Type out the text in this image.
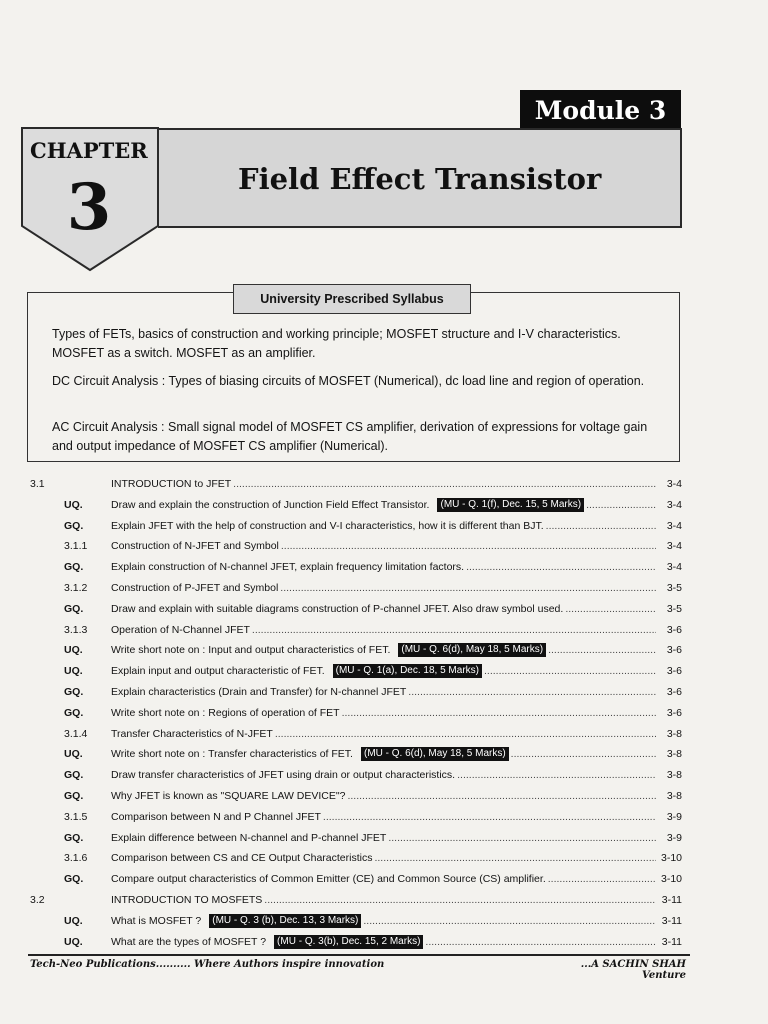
Module 3
CHAPTER
3	Field Effect Transistor
University Prescribed Syllabus

Types of FETs, basics of construction and working principle; MOSFET structure and I-V characteristics. MOSFET as a switch. MOSFET as an amplifier.

DC Circuit Analysis : Types of biasing circuits of MOSFET (Numerical), dc load line and region of operation.

AC Circuit Analysis : Small signal model of MOSFET CS amplifier, derivation of expressions for voltage gain and output impedance of MOSFET CS amplifier (Numerical).

3.1	INTRODUCTION to JFET .....	3-4
UQ.	Draw and explain the construction of Junction Field Effect Transistor.	(MU - Q. 1(f), Dec. 15, 5 Marks) .....	3-4
GQ.	Explain JFET with the help of construction and V-I characteristics, how it is different than BJT. .....	3-4
3.1.1	Construction of N-JFET and Symbol .....	3-4
GQ.	Explain construction of N-channel JFET, explain frequency limitation factors. .....	3-4
3.1.2	Construction of P-JFET and Symbol .....	3-5
GQ.	Draw and explain with suitable diagrams construction of P-channel JFET. Also draw symbol used. .....	3-5
3.1.3	Operation of N-Channel JFET .....	3-6
UQ.	Write short note on : Input and output characteristics of FET.	(MU - Q. 6(d), May 18, 5 Marks) .....	3-6
UQ.	Explain input and output characteristic of FET.	(MU - Q. 1(a), Dec. 18, 5 Marks) .....	3-6
GQ.	Explain characteristics (Drain and Transfer) for N-channel JFET .....	3-6
GQ.	Write short note on : Regions of operation of FET .....	3-6
3.1.4	Transfer Characteristics of N-JFET .....	3-8
UQ.	Write short note on : Transfer characteristics of FET.	(MU - Q. 6(d), May 18, 5 Marks) .....	3-8
GQ.	Draw transfer characteristics of JFET using drain or output characteristics. .....	3-8
GQ.	Why JFET is known as "SQUARE LAW DEVICE"? .....	3-8
3.1.5	Comparison between N and P Channel JFET .....	3-9
GQ.	Explain difference between N-channel and P-channel JFET .....	3-9
3.1.6	Comparison between CS and CE Output Characteristics .....	3-10
GQ.	Compare output characteristics of Common Emitter (CE) and Common Source (CS) amplifier. .....	3-10
3.2	INTRODUCTION TO MOSFETS .....	3-11
UQ.	What is MOSFET ?	(MU - Q. 3 (b), Dec. 13, 3 Marks) .....	3-11
UQ.	What are the types of MOSFET ?	(MU - Q. 3(b), Dec. 15, 2 Marks) .....	3-11
Tech-Neo Publications.......... Where Authors inspire innovation	...A SACHIN SHAH Venture
